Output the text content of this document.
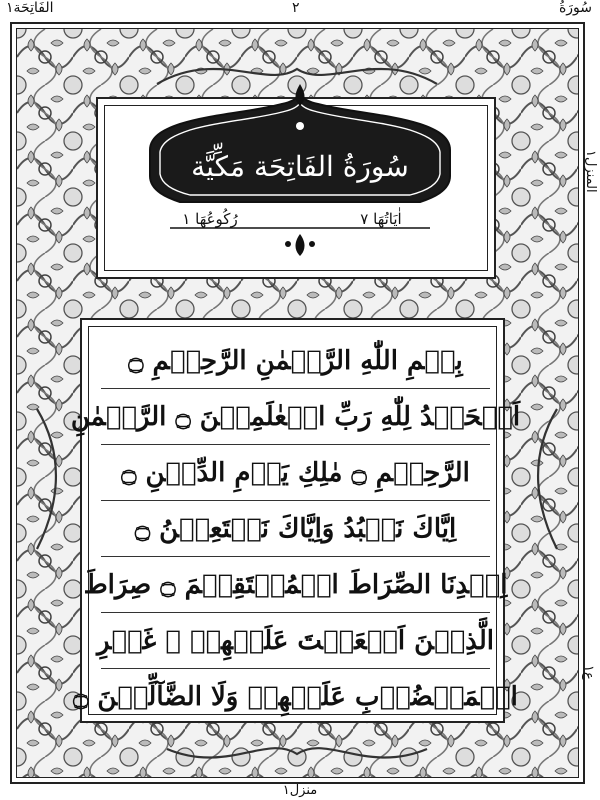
الفَاتِحَة١	٢	سُورَةُ
سُورَةُ الفَاتِحَة مَكِّيَّة
رُكُوعُهَا ١	اٰيَاتُهَا ٧
بِسۡمِ اللّٰهِ الرَّحۡمٰنِ الرَّحِيۡمِ ۝
اَلۡحَمۡدُ لِلّٰهِ رَبِّ الۡعٰلَمِيۡنَ ۝ الرَّحۡمٰنِ
الرَّحِيۡمِ ۝ مٰلِكِ يَوۡمِ الدِّيۡنِ ۝
اِيَّاكَ نَعۡبُدُ وَاِيَّاكَ نَسۡتَعِيۡنُ ۝
اِهۡدِنَا الصِّرَاطَ الۡمُسۡتَقِيۡمَ ۝ صِرَاطَ
الَّذِيۡنَ اَنۡعَمۡتَ عَلَيۡهِمۡ ۙ غَيۡرِ
الۡمَغۡضُوۡبِ عَلَيۡهِمۡ وَلَا الضَّآلِّيۡنَ ۝
المنزل١
ع١
منزل١
